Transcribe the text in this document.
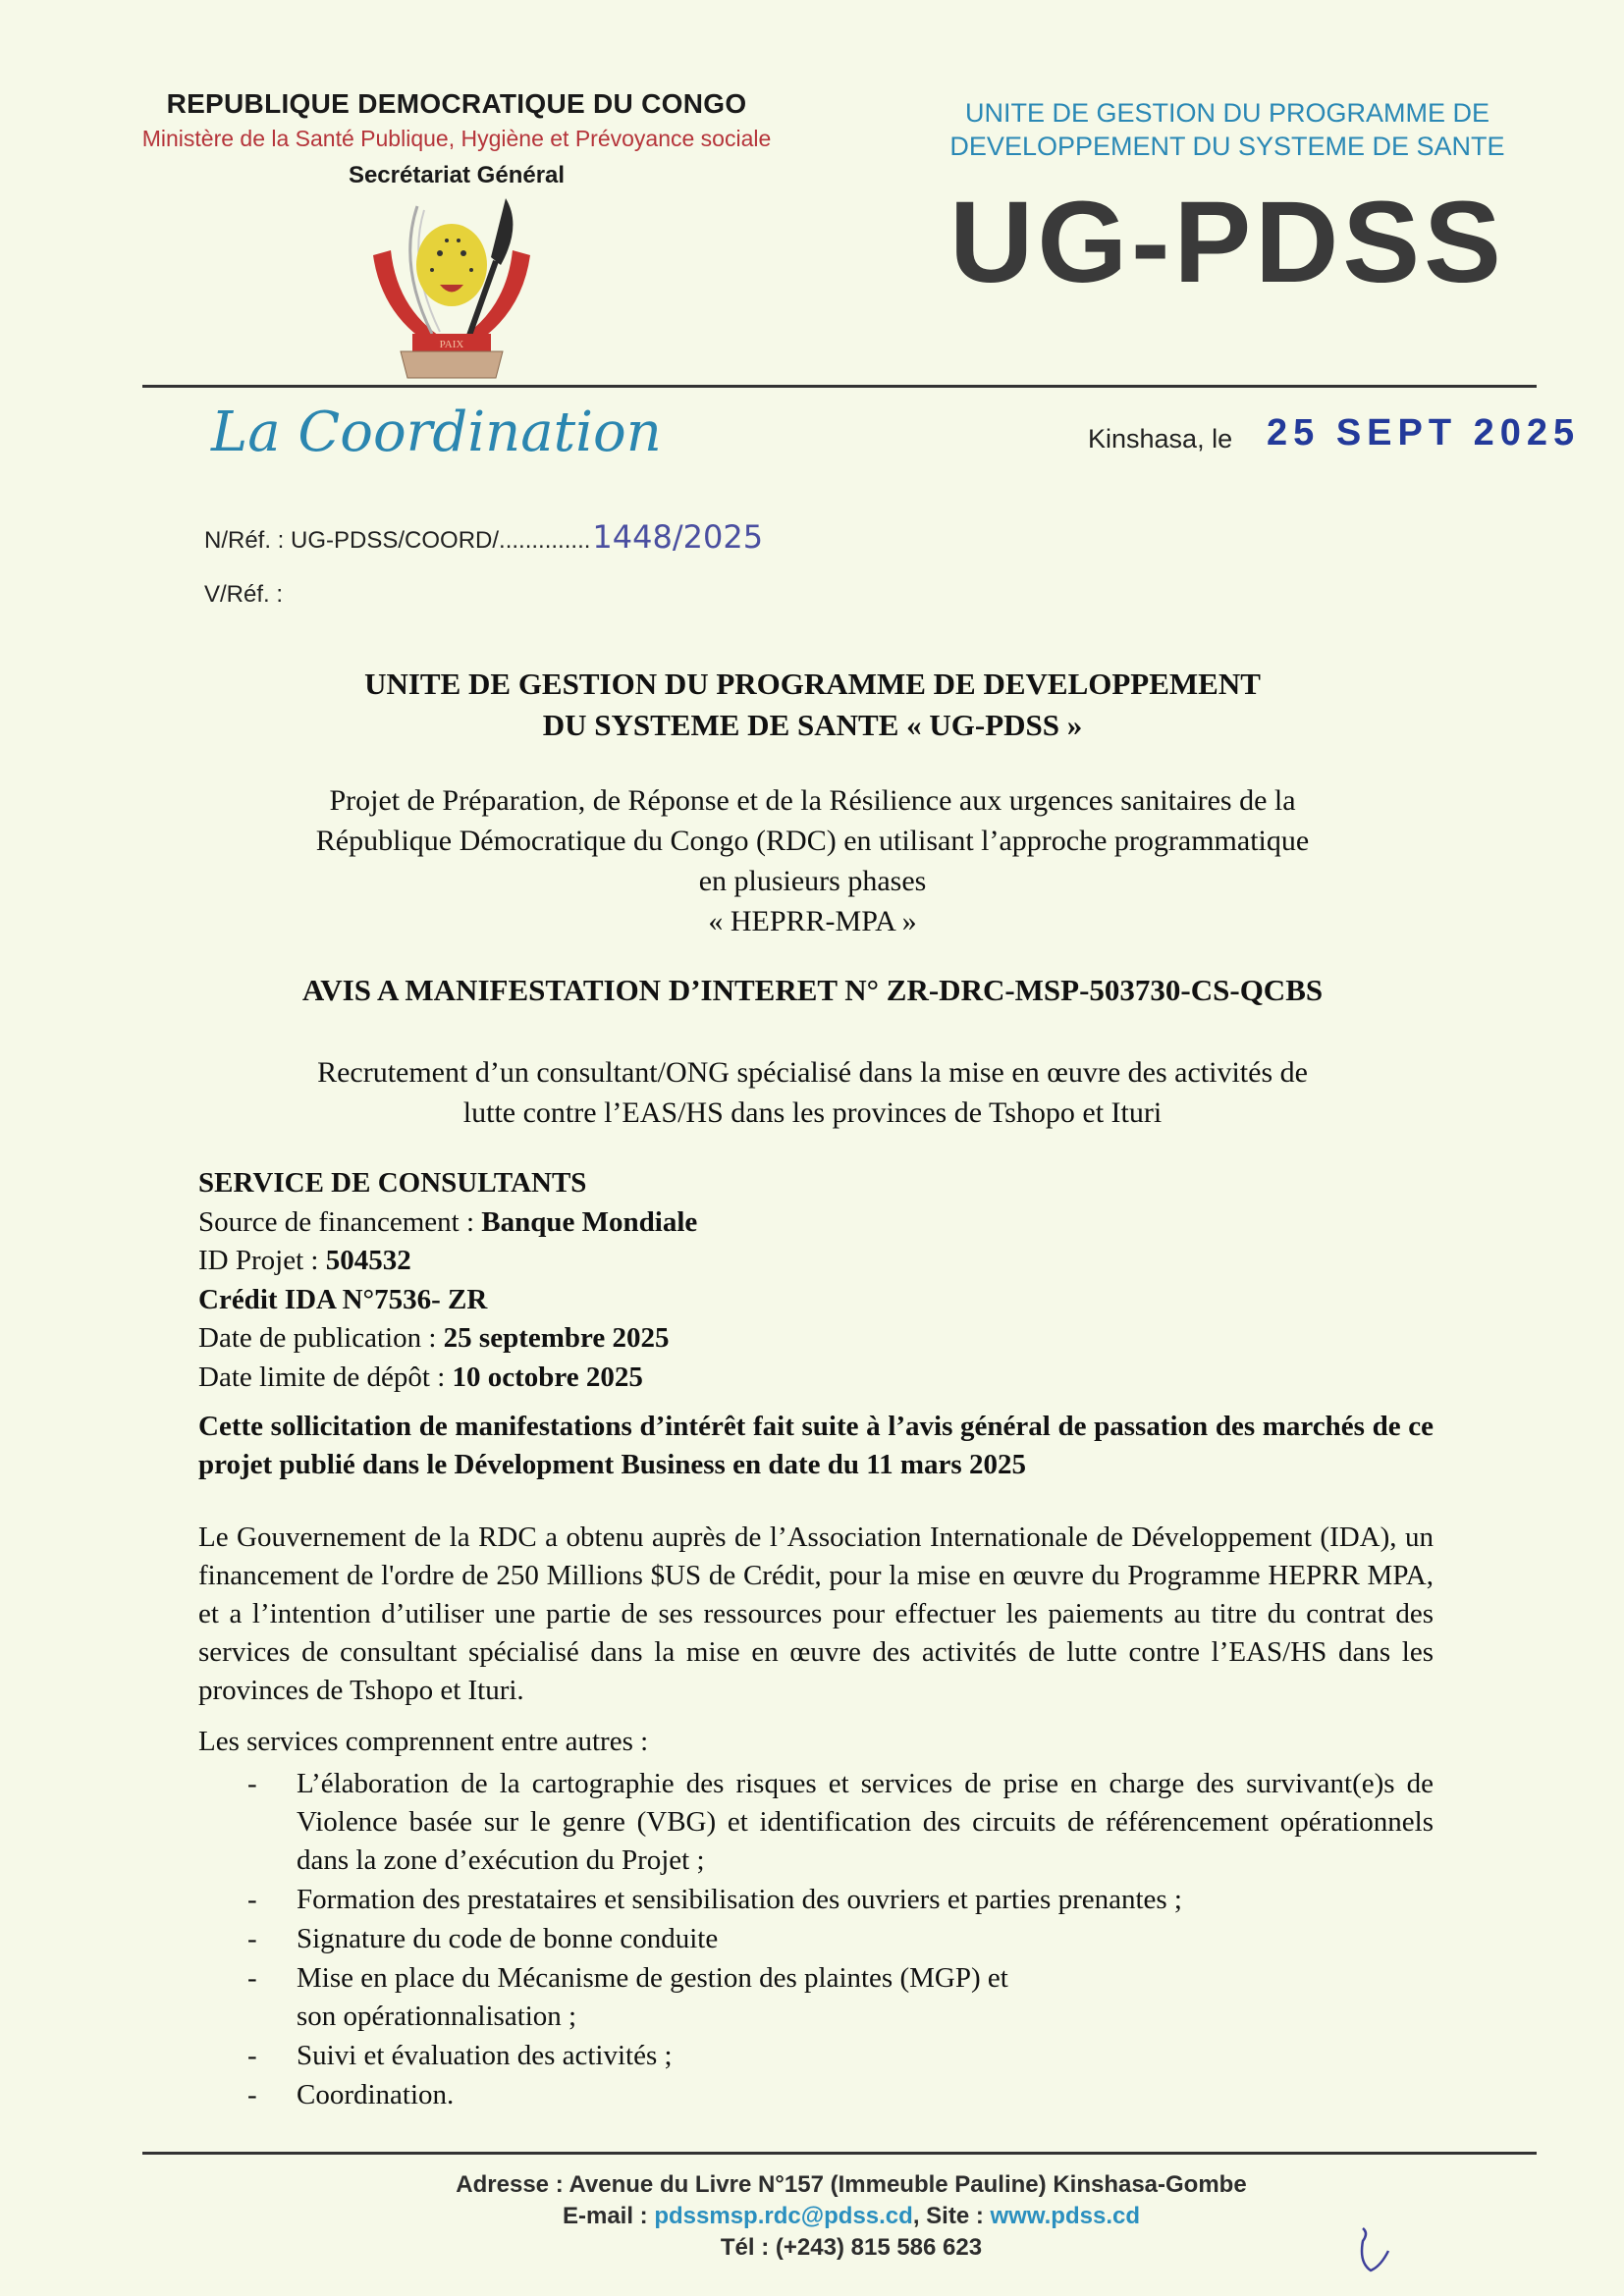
REPUBLIQUE DEMOCRATIQUE DU CONGO
Ministère de la Santé Publique, Hygiène et Prévoyance sociale
Secrétariat Général
PAIX
UNITE DE GESTION DU PROGRAMME DE
DEVELOPPEMENT DU SYSTEME DE SANTE
UG-PDSS
La Coordination	Kinshasa, le 25 SEPT 2025
N/Réf. : UG-PDSS/COORD/..............1448/2025
V/Réf. :
UNITE DE GESTION DU PROGRAMME DE DEVELOPPEMENT
DU SYSTEME DE SANTE « UG-PDSS »
Projet de Préparation, de Réponse et de la Résilience aux urgences sanitaires de la
République Démocratique du Congo (RDC) en utilisant l’approche programmatique
en plusieurs phases
« HEPRR-MPA »
AVIS A MANIFESTATION D’INTERET N° ZR-DRC-MSP-503730-CS-QCBS
Recrutement d’un consultant/ONG spécialisé dans la mise en œuvre des activités de
lutte contre l’EAS/HS dans les provinces de Tshopo et Ituri
SERVICE DE CONSULTANTS
Source de financement : Banque Mondiale
ID Projet : 504532
Crédit IDA N°7536- ZR
Date de publication : 25 septembre 2025
Date limite de dépôt : 10 octobre 2025
Cette sollicitation de manifestations d’intérêt fait suite à l’avis général de passation des marchés de ce projet publié dans le Dévelopment Business en date du 11 mars 2025
Le Gouvernement de la RDC a obtenu auprès de l’Association Internationale de Développement (IDA), un financement de l'ordre de 250 Millions $US de Crédit, pour la mise en œuvre du Programme HEPRR MPA, et a l’intention d’utiliser une partie de ses ressources pour effectuer les paiements au titre du contrat des services de consultant spécialisé dans la mise en œuvre des activités de lutte contre l’EAS/HS dans les provinces de Tshopo et Ituri.
Les services comprennent entre autres :
- L’élaboration de la cartographie des risques et services de prise en charge des survivant(e)s de Violence basée sur le genre (VBG) et identification des circuits de référencement opérationnels dans la zone d’exécution du Projet ;
- Formation des prestataires et sensibilisation des ouvriers et parties prenantes ;
- Signature du code de bonne conduite
- Mise en place du Mécanisme de gestion des plaintes (MGP) et son opérationnalisation ;
- Suivi et évaluation des activités ;
- Coordination.
Adresse : Avenue du Livre N°157 (Immeuble Pauline) Kinshasa-Gombe
E-mail : pdssmsp.rdc@pdss.cd, Site : www.pdss.cd
Tél : (+243) 815 586 623
